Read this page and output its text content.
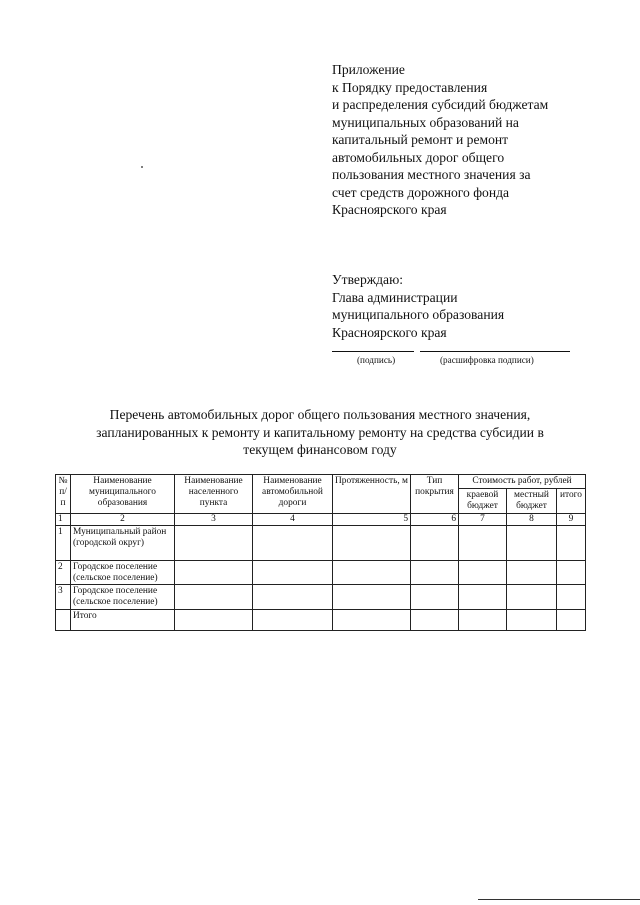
Приложение
к Порядку предоставления
и распределения субсидий бюджетам
муниципальных образований на
капитальный ремонт и ремонт
автомобильных дорог общего
пользования местного значения за
счет средств дорожного фонда
Красноярского края
Утверждаю:
Глава администрации
муниципального образования
Красноярского края
(подпись)	(расшифровка подписи)
Перечень автомобильных дорог общего пользования местного значения,
запланированных к ремонту и капитальному ремонту на средства субсидии в
текущем финансовом году
№ п/п	Наименование муниципального образования	Наименование населенного пункта	Наименование автомобильной дороги	Протяженность, м	Тип покрытия	Стоимость работ, рублей		
						краевой бюджет	местный бюджет	итого
1	2	3	4	5	6	7	8	9
1	Муниципальный район (городской округ)							
2	Городское поселение (сельское поселение)							
3	Городское поселение (сельское поселение)							
	Итого							
